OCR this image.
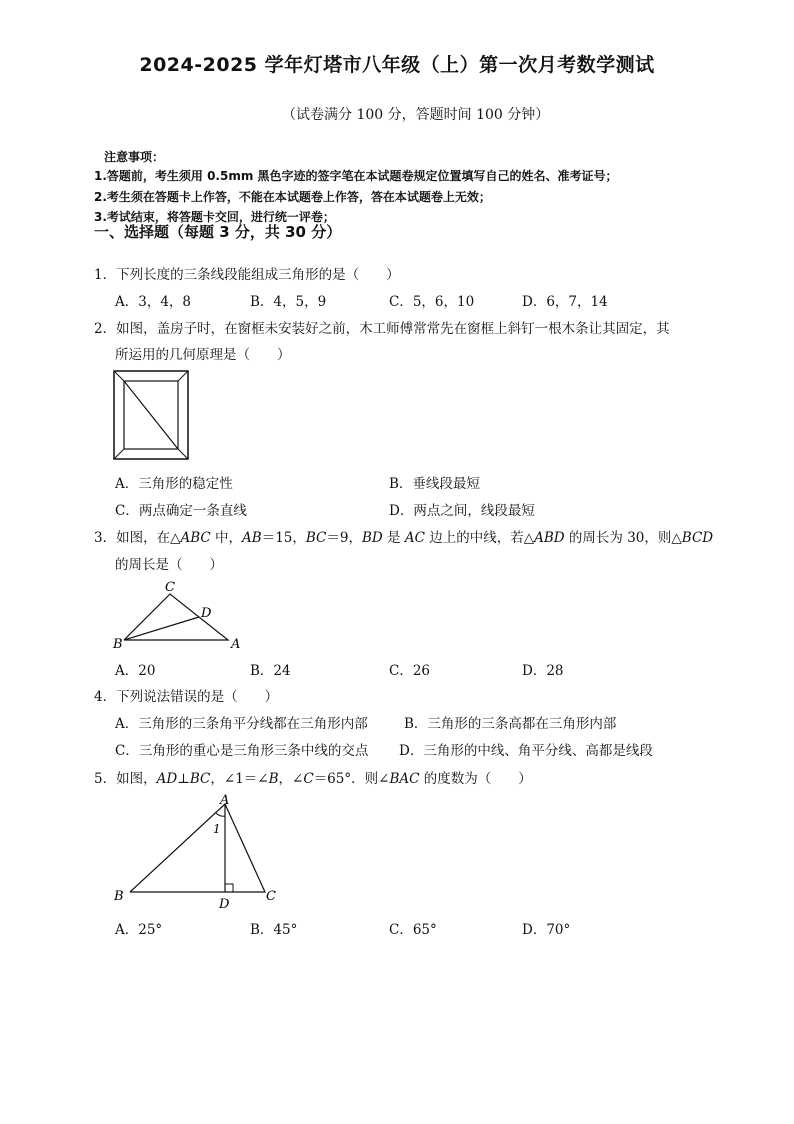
2024-2025 学年灯塔市八年级（上）第一次月考数学测试
（试卷满分 100 分，答题时间 100 分钟）
注意事项：
1.答题前，考生须用 0.5mm 黑色字迹的签字笔在本试题卷规定位置填写自己的姓名、准考证号；
2.考生须在答题卡上作答，不能在本试题卷上作答，答在本试题卷上无效；
3.考试结束，将答题卡交回，进行统一评卷；
一、选择题（每题 3 分，共 30 分）
1．下列长度的三条线段能组成三角形的是（　　）
A．3，4，8	B．4，5，9	C．5，6，10	D．6，7，14
2．如图，盖房子时，在窗框未安装好之前，木工师傅常常先在窗框上斜钉一根木条让其固定，其
所运用的几何原理是（　　）
A．三角形的稳定性	B．垂线段最短
C．两点确定一条直线	D．两点之间，线段最短
3．如图，在△ABC 中，AB＝15，BC＝9，BD 是 AC 边上的中线，若△ABD 的周长为 30，则△BCD
的周长是（　　）
C
D
B	A
A．20	B．24	C．26	D．28
4．下列说法错误的是（　　）
A．三角形的三条角平分线都在三角形内部	B．三角形的三条高都在三角形内部
C．三角形的重心是三角形三条中线的交点 D．三角形的中线、角平分线、高都是线段
5．如图，AD⊥BC，∠1＝∠B，∠C＝65°．则∠BAC 的度数为（　　）
A
1
B
D
C
A．25°	B．45°	C．65°	D．70°
